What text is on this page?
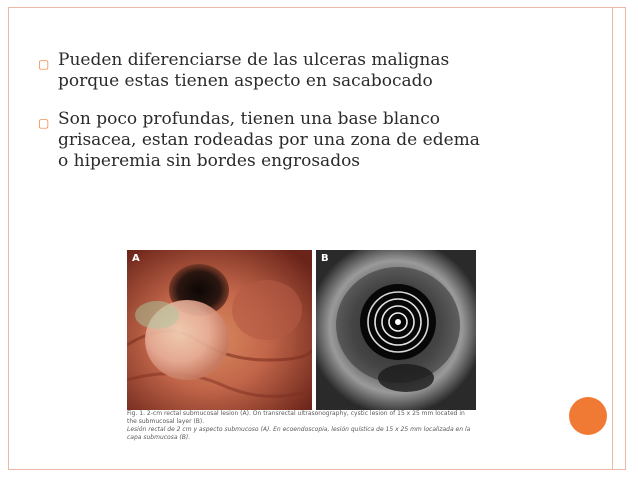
▢ Pueden diferenciarse de las ulceras malignas
porque estas tienen aspecto en sacabocado
▢ Son poco profundas, tienen una base blanco
grisacea, estan rodeadas por una zona de edema
o hiperemia sin bordes engrosados
A	B
Fig. 1. 2-cm rectal submucosal lesion (A). On transrectal ultrasonography, cystic lesion of 15 x 25 mm located in the submucosal layer (B).
Lesión rectal de 2 cm y aspecto submucoso (A). En ecoendoscopia, lesión quística de 15 x 25 mm localizada en la capa submucosa (B).
